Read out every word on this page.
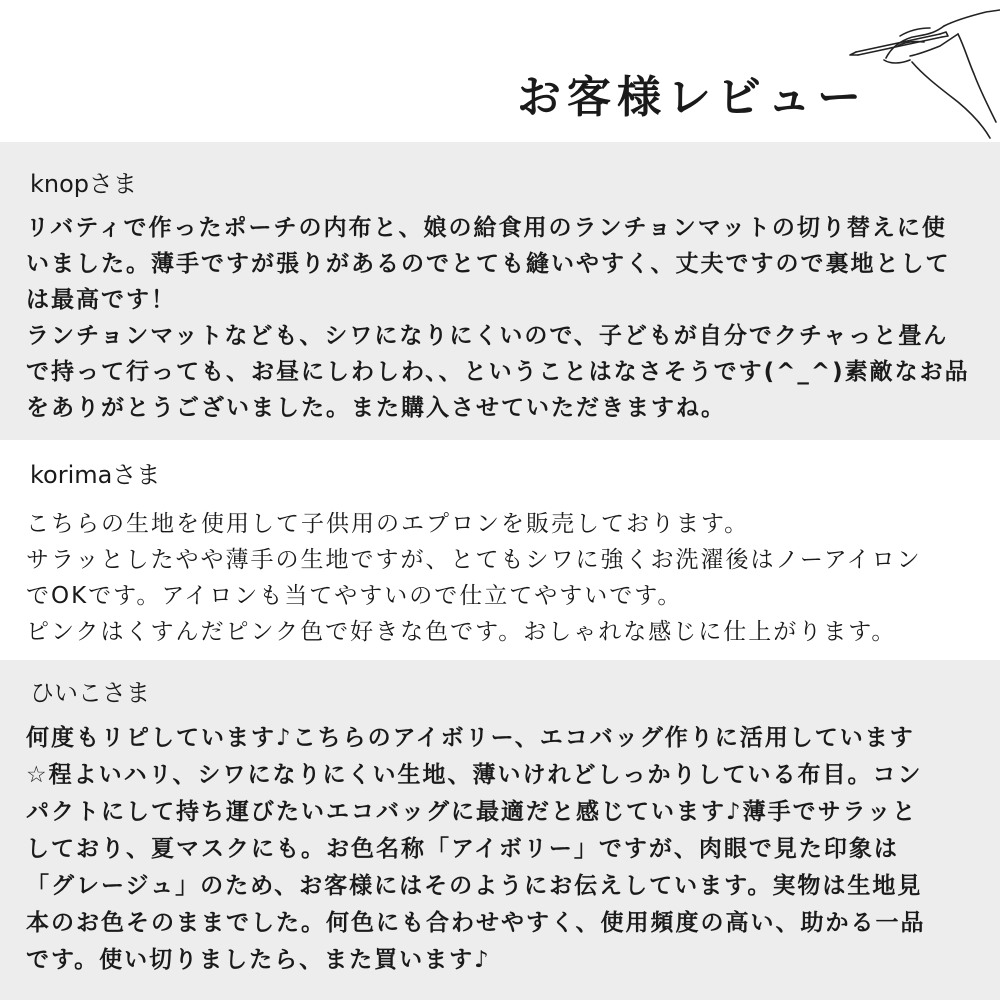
お客様レビュー
knopさま
リバティで作ったポーチの内布と、娘の給食用のランチョンマットの切り替えに使
いました。薄手ですが張りがあるのでとても縫いやすく、丈夫ですので裏地として
は最高です！
ランチョンマットなども、シワになりにくいので、子どもが自分でクチャっと畳ん
で持って行っても、お昼にしわしわ、、ということはなさそうです(^_^)素敵なお品
をありがとうございました。また購入させていただきますね。
korimaさま
こちらの生地を使用して子供用のエプロンを販売しております。
サラッとしたやや薄手の生地ですが、とてもシワに強くお洗濯後はノーアイロン
でOKです。アイロンも当てやすいので仕立てやすいです。
ピンクはくすんだピンク色で好きな色です。おしゃれな感じに仕上がります。
ひいこさま
何度もリピしています♪こちらのアイボリー、エコバッグ作りに活用しています
☆程よいハリ、シワになりにくい生地、薄いけれどしっかりしている布目。コン
パクトにして持ち運びたいエコバッグに最適だと感じています♪薄手でサラッと
しており、夏マスクにも。お色名称「アイボリー」ですが、肉眼で見た印象は
「グレージュ」のため、お客様にはそのようにお伝えしています。実物は生地見
本のお色そのままでした。何色にも合わせやすく、使用頻度の高い、助かる一品
です。使い切りましたら、また買います♪
